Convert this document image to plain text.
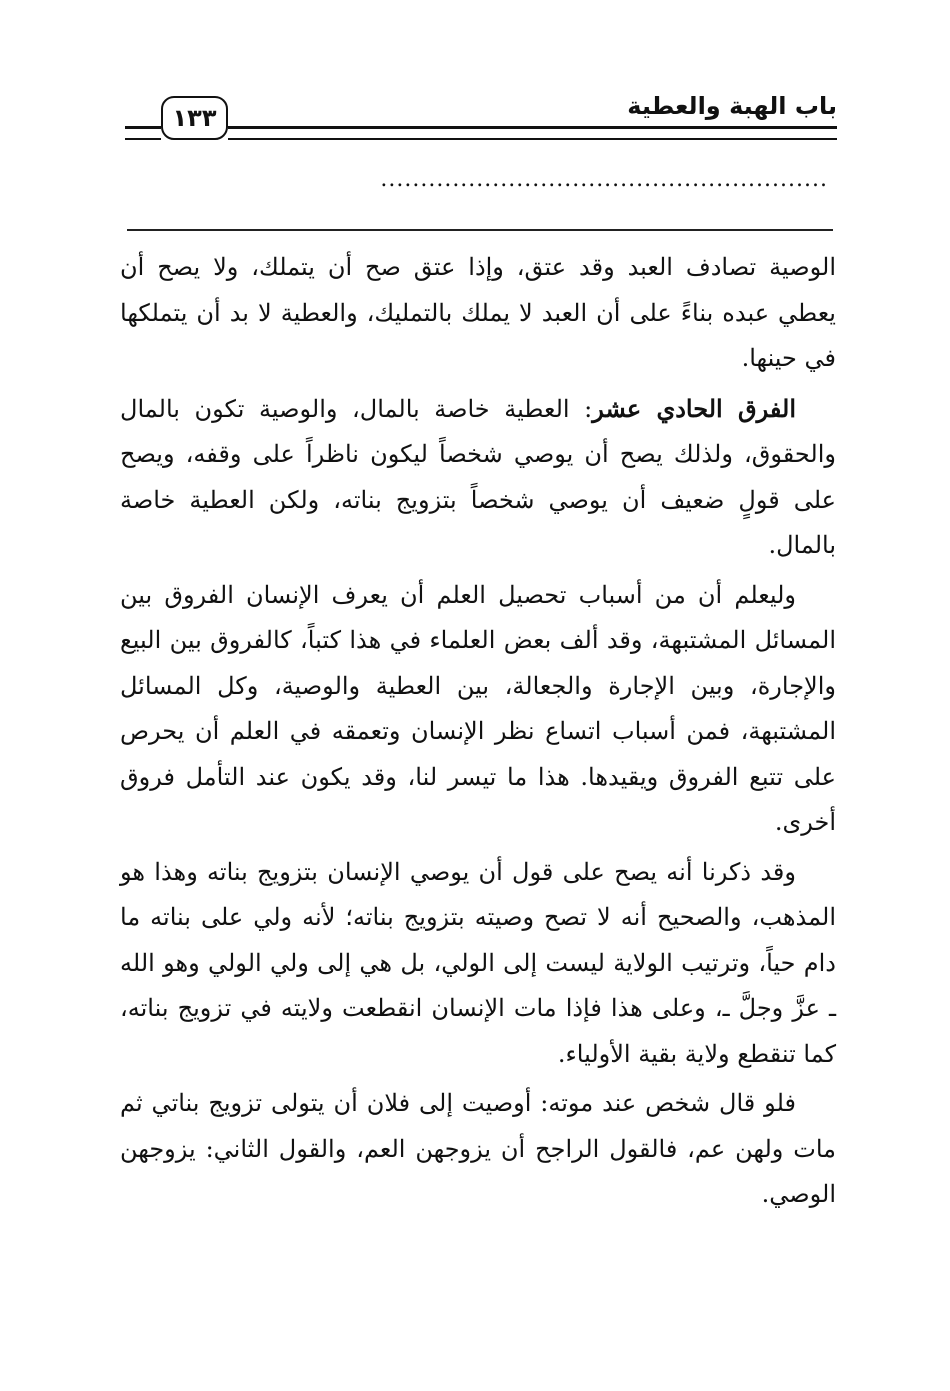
باب الهبة والعطية
١٣٣
........................................................

الوصية تصادف العبد وقد عتق، وإذا عتق صح أن يتملك، ولا يصح أن يعطي عبده بناءً على أن العبد لا يملك بالتمليك، والعطية لا بد أن يتملكها في حينها.

الفرق الحادي عشر: العطية خاصة بالمال، والوصية تكون بالمال والحقوق، ولذلك يصح أن يوصي شخصاً ليكون ناظراً على وقفه، ويصح على قولٍ ضعيف أن يوصي شخصاً بتزويج بناته، ولكن العطية خاصة بالمال.

وليعلم أن من أسباب تحصيل العلم أن يعرف الإنسان الفروق بين المسائل المشتبهة، وقد ألف بعض العلماء في هذا كتباً، كالفروق بين البيع والإجارة، وبين الإجارة والجعالة، بين العطية والوصية، وكل المسائل المشتبهة، فمن أسباب اتساع نظر الإنسان وتعمقه في العلم أن يحرص على تتبع الفروق ويقيدها. هذا ما تيسر لنا، وقد يكون عند التأمل فروق أخرى.

وقد ذكرنا أنه يصح على قول أن يوصي الإنسان بتزويج بناته وهذا هو المذهب، والصحيح أنه لا تصح وصيته بتزويج بناته؛ لأنه ولي على بناته ما دام حياً، وترتيب الولاية ليست إلى الولي، بل هي إلى ولي الولي وهو الله ـ عزَّ وجلَّ ـ، وعلى هذا فإذا مات الإنسان انقطعت ولايته في تزويج بناته، كما تنقطع ولاية بقية الأولياء.

فلو قال شخص عند موته: أوصيت إلى فلان أن يتولى تزويج بناتي ثم مات ولهن عم، فالقول الراجح أن يزوجهن العم، والقول الثاني: يزوجهن الوصي.
